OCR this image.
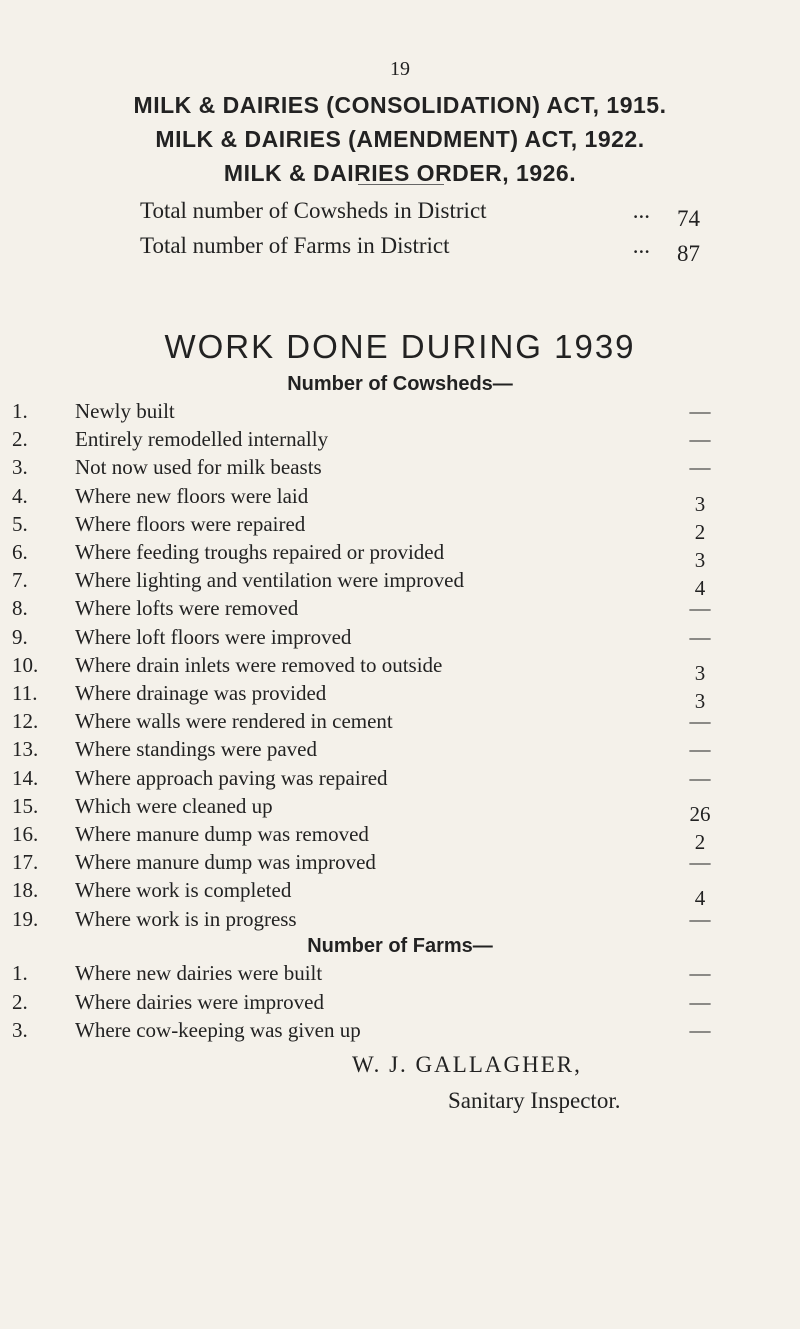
19
MILK & DAIRIES (CONSOLIDATION) ACT, 1915.
MILK & DAIRIES (AMENDMENT) ACT, 1922.
MILK & DAIRIES ORDER, 1926.
Total number of Cowsheds in District	... 74
Total number of Farms in District	... 87
WORK DONE DURING 1939
Number of Cowsheds—
1.	Newly built	—
2.	Entirely remodelled internally	—
3.	Not now used for milk beasts	—
4.	Where new floors were laid	3
5.	Where floors were repaired	2
6.	Where feeding troughs repaired or provided	3
7.	Where lighting and ventilation were improved	4
8.	Where lofts were removed	—
9.	Where loft floors were improved	—
10.	Where drain inlets were removed to outside	3
11.	Where drainage was provided	3
12.	Where walls were rendered in cement	—
13.	Where standings were paved	—
14.	Where approach paving was repaired	—
15.	Which were cleaned up	26
16.	Where manure dump was removed	2
17.	Where manure dump was improved	—
18.	Where work is completed	4
19.	Where work is in progress	—
Number of Farms—
1.	Where new dairies were built	—
2.	Where dairies were improved	—
3.	Where cow-keeping was given up	—
W. J. GALLAGHER,
Sanitary Inspector.
